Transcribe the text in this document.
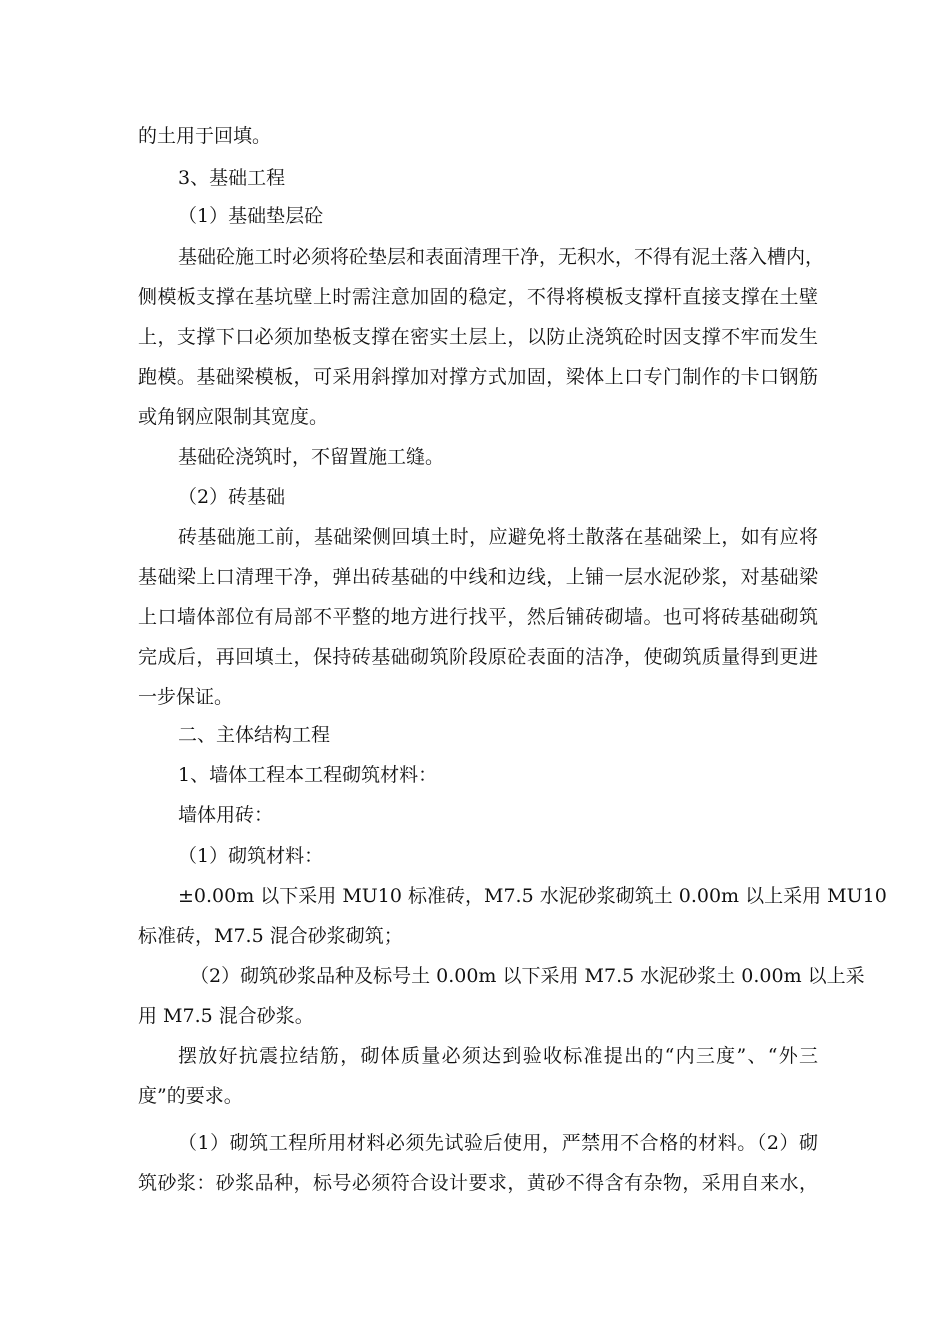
的土用于回填。

3、基础工程

（1）基础垫层砼

基础砼施工时必须将砼垫层和表面清理干净，无积水，不得有泥土落入槽内，

侧模板支撑在基坑壁上时需注意加固的稳定，不得将模板支撑杆直接支撑在土壁

上，支撑下口必须加垫板支撑在密实土层上，以防止浇筑砼时因支撑不牢而发生

跑模。基础梁模板，可采用斜撑加对撑方式加固，梁体上口专门制作的卡口钢筋

或角钢应限制其宽度。

基础砼浇筑时，不留置施工缝。

（2）砖基础

砖基础施工前，基础梁侧回填土时，应避免将土散落在基础梁上，如有应将

基础梁上口清理干净，弹出砖基础的中线和边线，上铺一层水泥砂浆，对基础梁

上口墙体部位有局部不平整的地方进行找平，然后铺砖砌墙。也可将砖基础砌筑

完成后，再回填土，保持砖基础砌筑阶段原砼表面的洁净，使砌筑质量得到更进

一步保证。

二、主体结构工程

1、墙体工程本工程砌筑材料：

墙体用砖：

（1）砌筑材料：

±0.00m 以下采用 MU10 标准砖，M7.5 水泥砂浆砌筑土 0.00m 以上采用 MU10

标准砖，M7.5 混合砂浆砌筑；

（2）砌筑砂浆品种及标号土 0.00m 以下采用 M7.5 水泥砂浆土 0.00m 以上采

用 M7.5 混合砂浆。

摆放好抗震拉结筋，砌体质量必须达到验收标准提出的“内三度”、“外三

度”的要求。

（1）砌筑工程所用材料必须先试验后使用，严禁用不合格的材料。（2）砌

筑砂浆：砂浆品种，标号必须符合设计要求，黄砂不得含有杂物，采用自来水，
